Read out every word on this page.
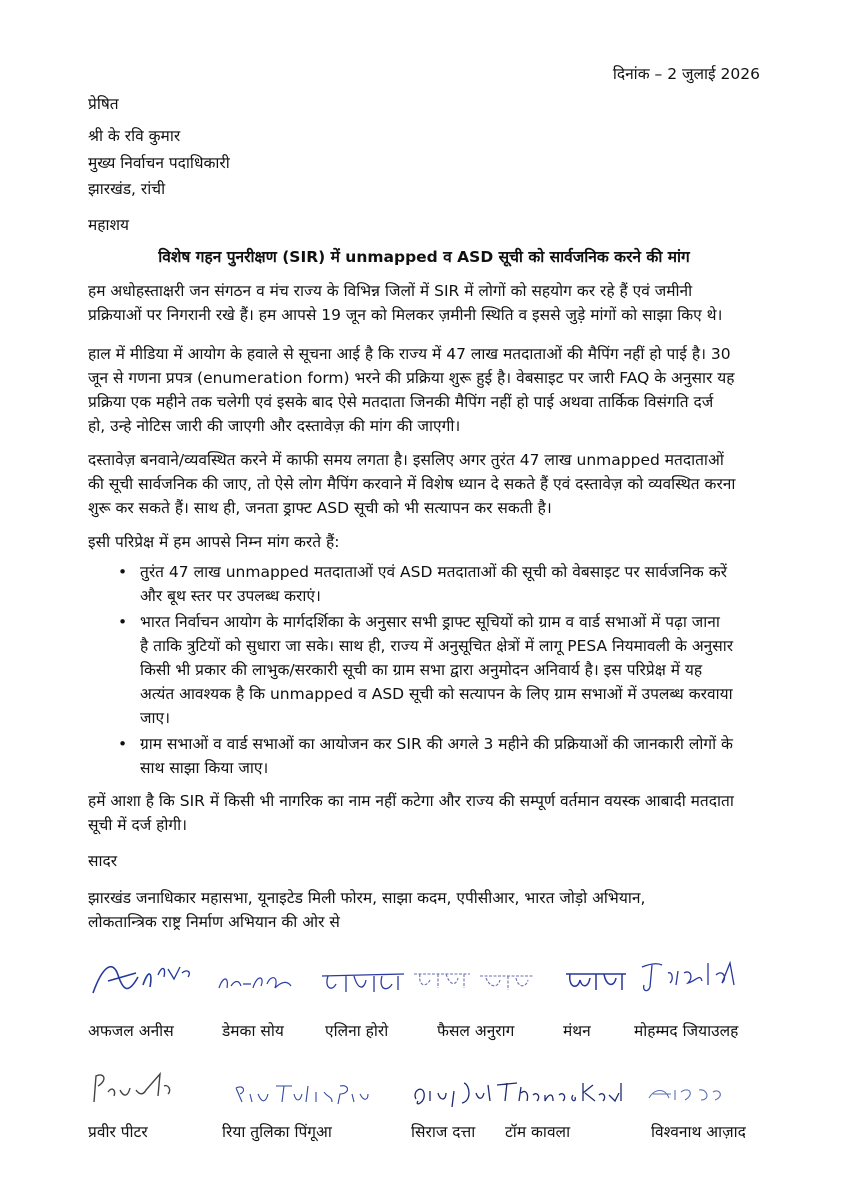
दिनांक – 2 जुलाई 2026
प्रेषित
श्री के रवि कुमार
मुख्य निर्वाचन पदाधिकारी
झारखंड, रांची
महाशय
विशेष गहन पुनरीक्षण (SIR) में unmapped व ASD सूची को सार्वजनिक करने की मांग
हम अधोहस्ताक्षरी जन संगठन व मंच राज्य के विभिन्न जिलों में SIR में लोगों को सहयोग कर रहे हैं एवं जमीनी
प्रक्रियाओं पर निगरानी रखे हैं। हम आपसे 19 जून को मिलकर ज़मीनी स्थिति व इससे जुड़े मांगों को साझा किए थे।
हाल में मीडिया में आयोग के हवाले से सूचना आई है कि राज्य में 47 लाख मतदाताओं की मैपिंग नहीं हो पाई है। 30
जून से गणना प्रपत्र (enumeration form) भरने की प्रक्रिया शुरू हुई है। वेबसाइट पर जारी FAQ के अनुसार यह
प्रक्रिया एक महीने तक चलेगी एवं इसके बाद ऐसे मतदाता जिनकी मैपिंग नहीं हो पाई अथवा तार्किक विसंगति दर्ज
हो, उन्हे नोटिस जारी की जाएगी और दस्तावेज़ की मांग की जाएगी।
दस्तावेज़ बनवाने/व्यवस्थित करने में काफी समय लगता है। इसलिए अगर तुरंत 47 लाख unmapped मतदाताओं
की सूची सार्वजनिक की जाए, तो ऐसे लोग मैपिंग करवाने में विशेष ध्यान दे सकते हैं एवं दस्तावेज़ को व्यवस्थित करना
शुरू कर सकते हैं। साथ ही, जनता ड्राफ्ट ASD सूची को भी सत्यापन कर सकती है।
इसी परिप्रेक्ष में हम आपसे निम्न मांग करते हैं:
• तुरंत 47 लाख unmapped मतदाताओं एवं ASD मतदाताओं की सूची को वेबसाइट पर सार्वजनिक करें
और बूथ स्तर पर उपलब्ध कराएं।
• भारत निर्वाचन आयोग के मार्गदर्शिका के अनुसार सभी ड्राफ्ट सूचियों को ग्राम व वार्ड सभाओं में पढ़ा जाना
है ताकि त्रुटियों को सुधारा जा सके। साथ ही, राज्य में अनुसूचित क्षेत्रों में लागू PESA नियमावली के अनुसार
किसी भी प्रकार की लाभुक/सरकारी सूची का ग्राम सभा द्वारा अनुमोदन अनिवार्य है। इस परिप्रेक्ष में यह
अत्यंत आवश्यक है कि unmapped व ASD सूची को सत्यापन के लिए ग्राम सभाओं में उपलब्ध करवाया
जाए।
• ग्राम सभाओं व वार्ड सभाओं का आयोजन कर SIR की अगले 3 महीने की प्रक्रियाओं की जानकारी लोगों के
साथ साझा किया जाए।
हमें आशा है कि SIR में किसी भी नागरिक का नाम नहीं कटेगा और राज्य की सम्पूर्ण वर्तमान वयस्क आबादी मतदाता
सूची में दर्ज होगी।
सादर
झारखंड जनाधिकार महासभा, यूनाइटेड मिली फोरम, साझा कदम, एपीसीआर, भारत जोड़ो अभियान,
लोकतान्त्रिक राष्ट्र निर्माण अभियान की ओर से
अफजल अनीस	डेमका सोय	एलिना होरो	फैसल अनुराग	मंथन	मोहम्मद जियाउलह
प्रवीर पीटर	रिया तुलिका पिंगूआ	सिराज दत्ता टॉम कावला	विश्वनाथ आज़ाद
